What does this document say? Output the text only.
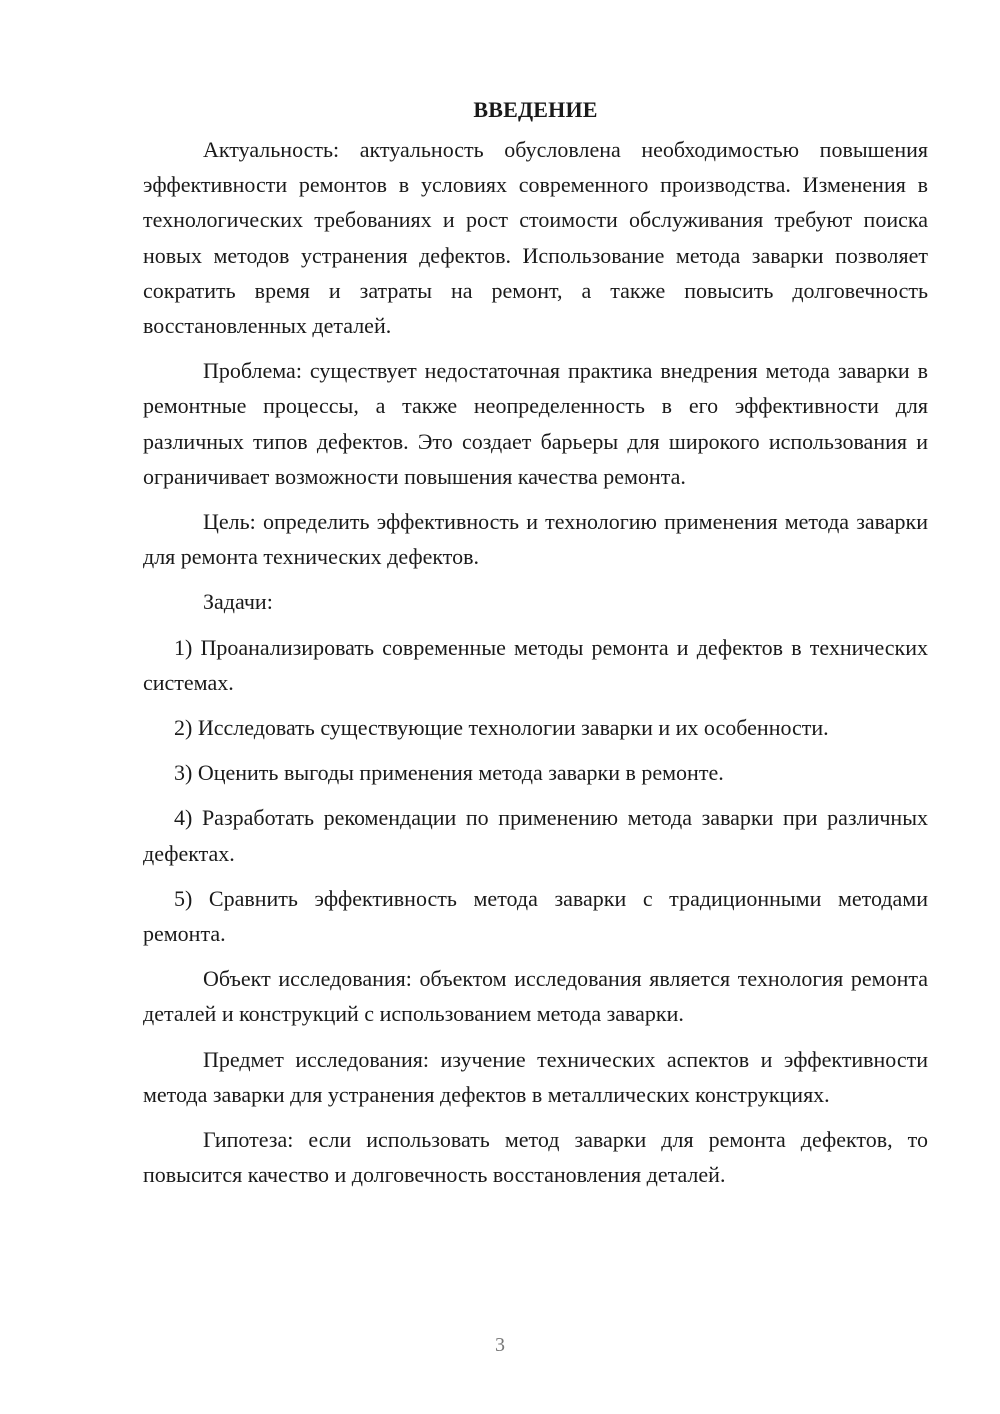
ВВЕДЕНИЕ

Актуальность: актуальность обусловлена необходимостью повышения эффективности ремонтов в условиях современного производства. Изменения в технологических требованиях и рост стоимости обслуживания требуют поиска новых методов устранения дефектов. Использование метода заварки позволяет сократить время и затраты на ремонт, а также повысить долговечность восстановленных деталей.

Проблема: существует недостаточная практика внедрения метода заварки в ремонтные процессы, а также неопределенность в его эффективности для различных типов дефектов. Это создает барьеры для широкого использования и ограничивает возможности повышения качества ремонта.

Цель: определить эффективность и технологию применения метода заварки для ремонта технических дефектов.

Задачи:

1) Проанализировать современные методы ремонта и дефектов в технических системах.

2) Исследовать существующие технологии заварки и их особенности.

3) Оценить выгоды применения метода заварки в ремонте.

4) Разработать рекомендации по применению метода заварки при различных дефектах.

5) Сравнить эффективность метода заварки с традиционными методами ремонта.

Объект исследования: объектом исследования является технология ремонта деталей и конструкций с использованием метода заварки.

Предмет исследования: изучение технических аспектов и эффективности метода заварки для устранения дефектов в металлических конструкциях.

Гипотеза: если использовать метод заварки для ремонта дефектов, то повысится качество и долговечность восстановления деталей.

3
